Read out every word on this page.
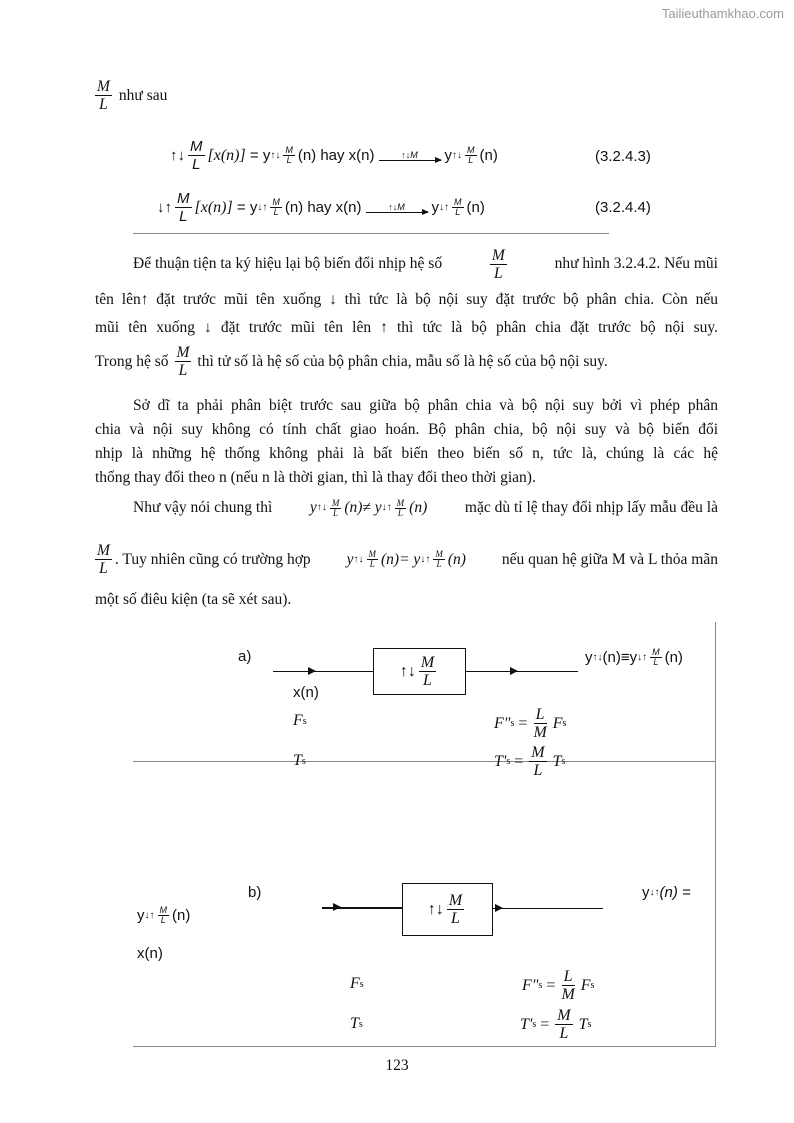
Tailieuthamkhao.com
$\frac{M}{L}$ như sau
↑↓ $\frac{M}{L} [x(n)]$
= y ↑↓ $\frac{M}{L} (n)$ hay x(n)	↑↓M y ↑↓ $\frac{M}{L} (n)$	(3.2.4.3)
↓↑ $\frac{M}{L} [x(n)]$
= y ↓↑ $\frac{M}{L} (n)$ hay x(n)	↑↓M y ↓↑ $\frac{M}{L} (n)$	(3.2.4.4)
Để thuận tiện ta ký hiệu lại bộ biến đổi nhịp hệ số	$\frac{M}{L}$	như hình 3.2.4.2. Nếu mũi
tên lên↑ đặt trước mũi tên xuống ↓ thì tức là bộ nội suy đặt trước bộ phân chia. Còn nếu
mũi tên xuống ↓ đặt trước mũi tên lên ↑ thì tức là bộ phân chia đặt trước bộ nội suy.
Trong hệ số $\frac{M}{L}$ thì tử số là hệ số của bộ phân chia, mẫu số là hệ số của bộ nội suy.
Sở dĩ ta phải phân biệt trước sau giữa bộ phân chia và bộ nội suy bởi vì phép phân
chia và nội suy không có tính chất giao hoán. Bộ phân chia, bộ nội suy và bộ biến đổi
nhịp là những hệ thống không phải là bất biến theo biến số n, tức là, chúng là các hệ
thống thay đổi theo n (nếu n là thời gian, thì là thay đổi theo thời gian).
Như vậy nói chung thì y ↑↓ $\frac{M}{L} (n)\ne$
y ↓↑ $\frac{M}{L} (n)$ mặc dù tỉ lệ thay đổi nhịp lấy mẫu đều là
$\frac{M}{L}$ . Tuy nhiên cũng có trường hợp y ↑↓ $\frac{M}{L} (n)=$
y ↓↑ $\frac{M}{L} (n)$ nếu quan hệ giữa M và L thỏa mãn
một số điêu kiện (ta sẽ xét sau).
a)
↑↓ $\frac{M}{L}$	y ↑↓ (n)≡y ↓↑ $\frac{M}{L} (n)$
x(n)
F s
T s
F" s
= $\frac{L}{M}$ F s
T' s
= $\frac{M}{L}$ T s
b)
↑↓ $\frac{M}{L}$	y ↓↑ (n) =
y ↓↑ $\frac{M}{L} (n)$
x(n)
F s
T s
F" s
= $\frac{L}{M}$ F s
T' s
= $\frac{M}{L}$ T s
123
